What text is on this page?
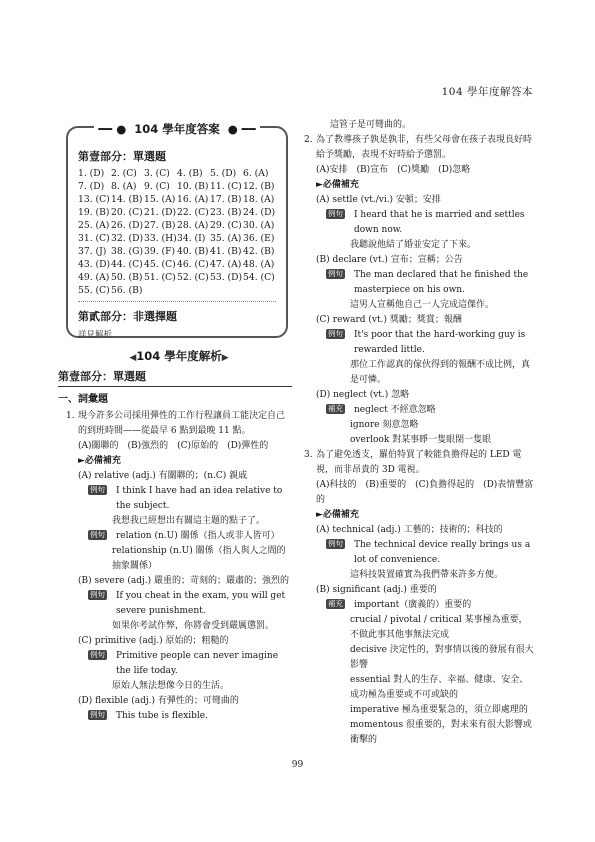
104 學年度解答本
━━ ● 104 學年度答案 ● ━━
第壹部分：單選題
1. (D) 2. (C) 3. (C) 4. (B) 5. (D) 6. (A)
7. (D) 8. (A) 9. (C) 10. (B) 11. (C) 12. (B)
13. (C) 14. (B) 15. (A) 16. (A) 17. (B) 18. (A)
19. (B) 20. (C) 21. (D) 22. (C) 23. (B) 24. (D)
25. (A) 26. (D) 27. (B) 28. (A) 29. (C) 30. (A)
31. (C) 32. (D) 33. (H) 34. (I) 35. (A) 36. (E)
37. (J) 38. (G) 39. (F) 40. (B) 41. (B) 42. (B)
43. (D) 44. (C) 45. (C) 46. (C) 47. (A) 48. (A)
49. (A) 50. (B) 51. (C) 52. (C) 53. (D) 54. (C)
55. (C) 56. (B)
第貳部分：非選擇題
詳見解析
◀104 學年度解析▶
第壹部分：單選題
一、詞彙題
1. 現今許多公司採用彈性的工作行程讓員工能決定自己的到班時間——從最早 6 點到最晚 11 點。
(A)關聯的　(B)強烈的　(C)原始的　(D)彈性的
►必備補充
(A) relative (adj.) 有關聯的；(n.C) 親戚
例句	I think I have had an idea relative to the subject.
我想我已經想出有關這主題的點子了。
例句	relation (n.U) 關係（指人或非人皆可）
relationship (n.U) 關係（指人與人之間的抽象關係）
(B) severe (adj.) 嚴重的；苛刻的；嚴肅的；強烈的
例句	If you cheat in the exam, you will get severe punishment.
如果你考試作弊，你將會受到嚴厲懲罰。
(C) primitive (adj.) 原始的；粗糙的
例句	Primitive people can never imagine the life today.
原始人無法想像今日的生活。
(D) flexible (adj.) 有彈性的；可彎曲的
例句	This tube is flexible.
這管子是可彎曲的。
2. 為了教導孩子孰是孰非，有些父母會在孩子表現良好時給予獎勵，表現不好時給予懲罰。
(A)安排　(B)宣布　(C)獎勵　(D)忽略
►必備補充
(A) settle (vt./vi.) 安頓；安排
例句	I heard that he is married and settles down now.
我聽說他結了婚並安定了下來。
(B) declare (vt.) 宣布；宣稱；公告
例句	The man declared that he finished the masterpiece on his own.
這男人宣稱他自己一人完成這傑作。
(C) reward (vt.) 獎勵；獎賞；報酬
例句	It's poor that the hard-working guy is rewarded little.
那位工作認真的傢伙得到的報酬不成比例，真是可憐。
(D) neglect (vt.) 忽略
補充	neglect 不經意忽略
ignore 刻意忽略
overlook 對某事睜一隻眼閉一隻眼
3. 為了避免透支，羅伯特買了較能負擔得起的 LED 電視，而非昂貴的 3D 電視。
(A)科技的　(B)重要的　(C)負擔得起的　(D)表情豐富的
►必備補充
(A) technical (adj.) 工藝的；技術的；科技的
例句	The technical device really brings us a lot of convenience.
這科技裝置確實為我們帶來許多方便。
(B) significant (adj.) 重要的
補充	important（廣義的）重要的
crucial / pivotal / critical 某事極為重要，不做此事其他事無法完成
decisive 決定性的，對事情以後的發展有很大影響
essential 對人的生存、幸福、健康、安全、成功極為重要或不可或缺的
imperative 極為重要緊急的，須立即處理的
momentous 很重要的，對未來有很大影響或衝擊的
99
